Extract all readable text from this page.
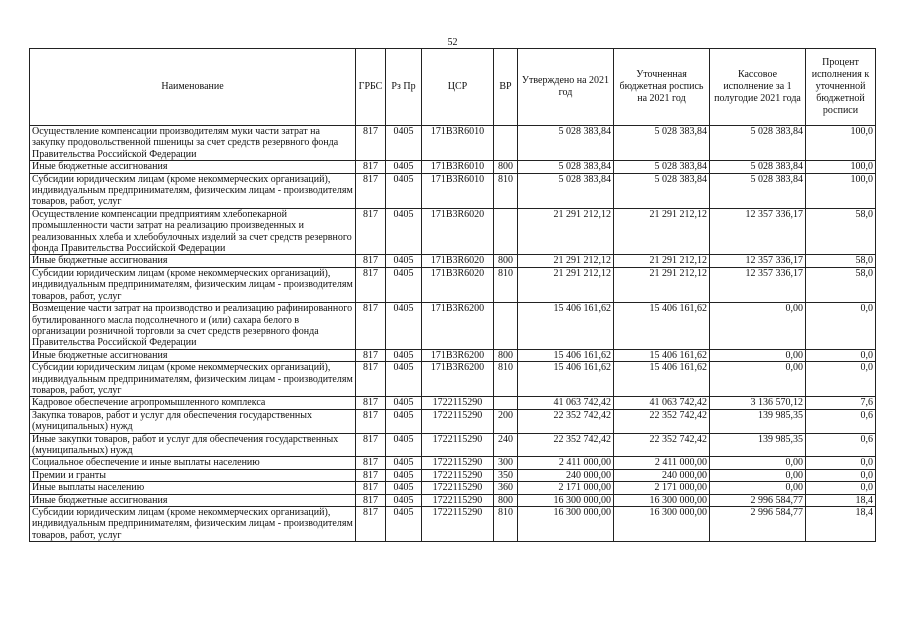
52
Наименование	ГРБС	Рз Пр	ЦСР	ВР	Утверждено на 2021 год	Уточненная бюджетная роспись на 2021 год	Кассовое исполнение за 1 полугодие 2021 года	Процент исполнения к уточненной бюджетной росписи
Осуществление компенсации производителям муки части затрат на закупку продовольственной пшеницы за счет средств резервного фонда Правительства Российской Федерации	817	0405	171B3R6010		5 028 383,84	5 028 383,84	5 028 383,84	100,0
Иные бюджетные ассигнования	817	0405	171B3R6010	800	5 028 383,84	5 028 383,84	5 028 383,84	100,0
Субсидии юридическим лицам (кроме некоммерческих организаций), индивидуальным предпринимателям, физическим лицам - производителям товаров, работ, услуг	817	0405	171B3R6010	810	5 028 383,84	5 028 383,84	5 028 383,84	100,0
Осуществление компенсации предприятиям хлебопекарной промышленности части затрат на реализацию произведенных и реализованных хлеба и хлебобулочных изделий за счет средств резервного фонда Правительства Российской Федерации	817	0405	171B3R6020		21 291 212,12	21 291 212,12	12 357 336,17	58,0
Иные бюджетные ассигнования	817	0405	171B3R6020	800	21 291 212,12	21 291 212,12	12 357 336,17	58,0
Субсидии юридическим лицам (кроме некоммерческих организаций), индивидуальным предпринимателям, физическим лицам - производителям товаров, работ, услуг	817	0405	171B3R6020	810	21 291 212,12	21 291 212,12	12 357 336,17	58,0
Возмещение части затрат на производство и реализацию рафинированного бутилированного масла подсолнечного и (или) сахара белого в организации розничной торговли за счет средств резервного фонда Правительства Российской Федерации	817	0405	171B3R6200		15 406 161,62	15 406 161,62	0,00	0,0
Иные бюджетные ассигнования	817	0405	171B3R6200	800	15 406 161,62	15 406 161,62	0,00	0,0
Субсидии юридическим лицам (кроме некоммерческих организаций), индивидуальным предпринимателям, физическим лицам - производителям товаров, работ, услуг	817	0405	171B3R6200	810	15 406 161,62	15 406 161,62	0,00	0,0
Кадровое обеспечение агропромышленного комплекса	817	0405	1722115290		41 063 742,42	41 063 742,42	3 136 570,12	7,6
Закупка товаров, работ и услуг для обеспечения государственных (муниципальных) нужд	817	0405	1722115290	200	22 352 742,42	22 352 742,42	139 985,35	0,6
Иные закупки товаров, работ и услуг для обеспечения государственных (муниципальных) нужд	817	0405	1722115290	240	22 352 742,42	22 352 742,42	139 985,35	0,6
Социальное обеспечение и иные выплаты населению	817	0405	1722115290	300	2 411 000,00	2 411 000,00	0,00	0,0
Премии и гранты	817	0405	1722115290	350	240 000,00	240 000,00	0,00	0,0
Иные выплаты населению	817	0405	1722115290	360	2 171 000,00	2 171 000,00	0,00	0,0
Иные бюджетные ассигнования	817	0405	1722115290	800	16 300 000,00	16 300 000,00	2 996 584,77	18,4
Субсидии юридическим лицам (кроме некоммерческих организаций), индивидуальным предпринимателям, физическим лицам - производителям товаров, работ, услуг	817	0405	1722115290	810	16 300 000,00	16 300 000,00	2 996 584,77	18,4
